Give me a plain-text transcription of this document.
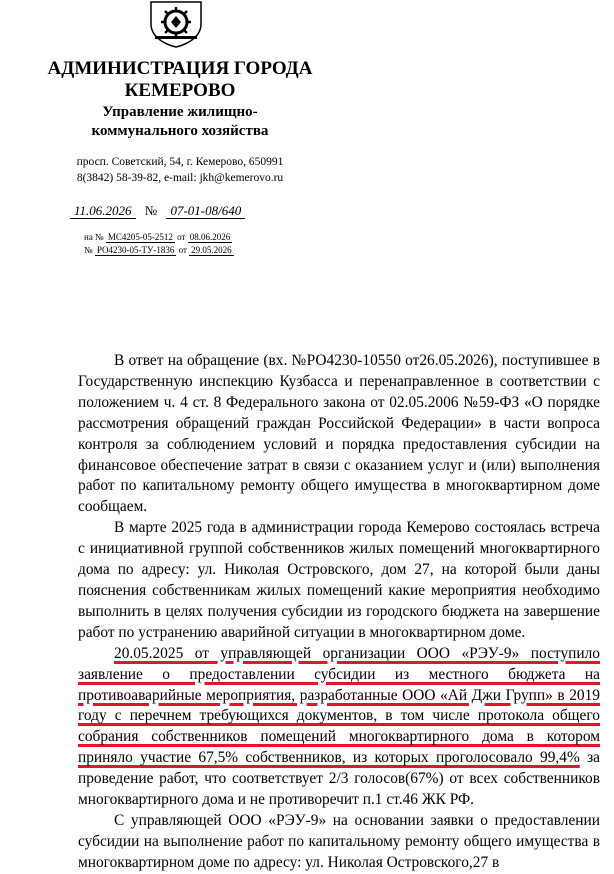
АДМИНИСТРАЦИЯ ГОРОДА
КЕМЕРОВО
Управление жилищно-
коммунального хозяйства
просп. Советский, 54, г. Кемерово, 650991
8(3842) 58-39-82, e-mail: jkh@kemerovo.ru
11.06.2026 № 07-01-08/640
на № МС4205-05-2512 от 08.06.2026
№ РО4230-05-ТУ-1836 от 29.05.2026

В ответ на обращение (вх. №РО4230-10550 от26.05.2026), поступившее в Государственную инспекцию Кузбасса и перенаправленное в соответствии с положением ч. 4 ст. 8 Федерального закона от 02.05.2006 №59-ФЗ «О порядке рассмотрения обращений граждан Российской Федерации» в части вопроса контроля за соблюдением условий и порядка предоставления субсидии на финансовое обеспечение затрат в связи с оказанием услуг и (или) выполнения работ по капитальному ремонту общего имущества в многоквартирном доме сообщаем.

В марте 2025 года в администрации города Кемерово состоялась встреча с инициативной группой собственников жилых помещений многоквартирного дома по адресу: ул. Николая Островского, дом 27, на которой были даны пояснения собственникам жилых помещений какие мероприятия необходимо выполнить в целях получения субсидии из городского бюджета на завершение работ по устранению аварийной ситуации в многоквартирном доме.

20.05.2025 от управляющей организации ООО «РЭУ-9» поступило заявление о предоставлении субсидии из местного бюджета на противоаварийные мероприятия, разработанные ООО «Ай Джи Групп» в 2019 году с перечнем требующихся документов, в том числе протокола общего собрания собственников помещений многоквартирного дома в котором приняло участие 67,5% собственников, из которых проголосовало 99,4% за проведение работ, что соответствует 2/3 голосов(67%) от всех собственников многоквартирного дома и не противоречит п.1 ст.46 ЖК РФ.

С управляющей ООО «РЭУ-9» на основании заявки о предоставлении субсидии на выполнение работ по капитальному ремонту общего имущества в многоквартирном доме по адресу: ул. Николая Островского,27 в
